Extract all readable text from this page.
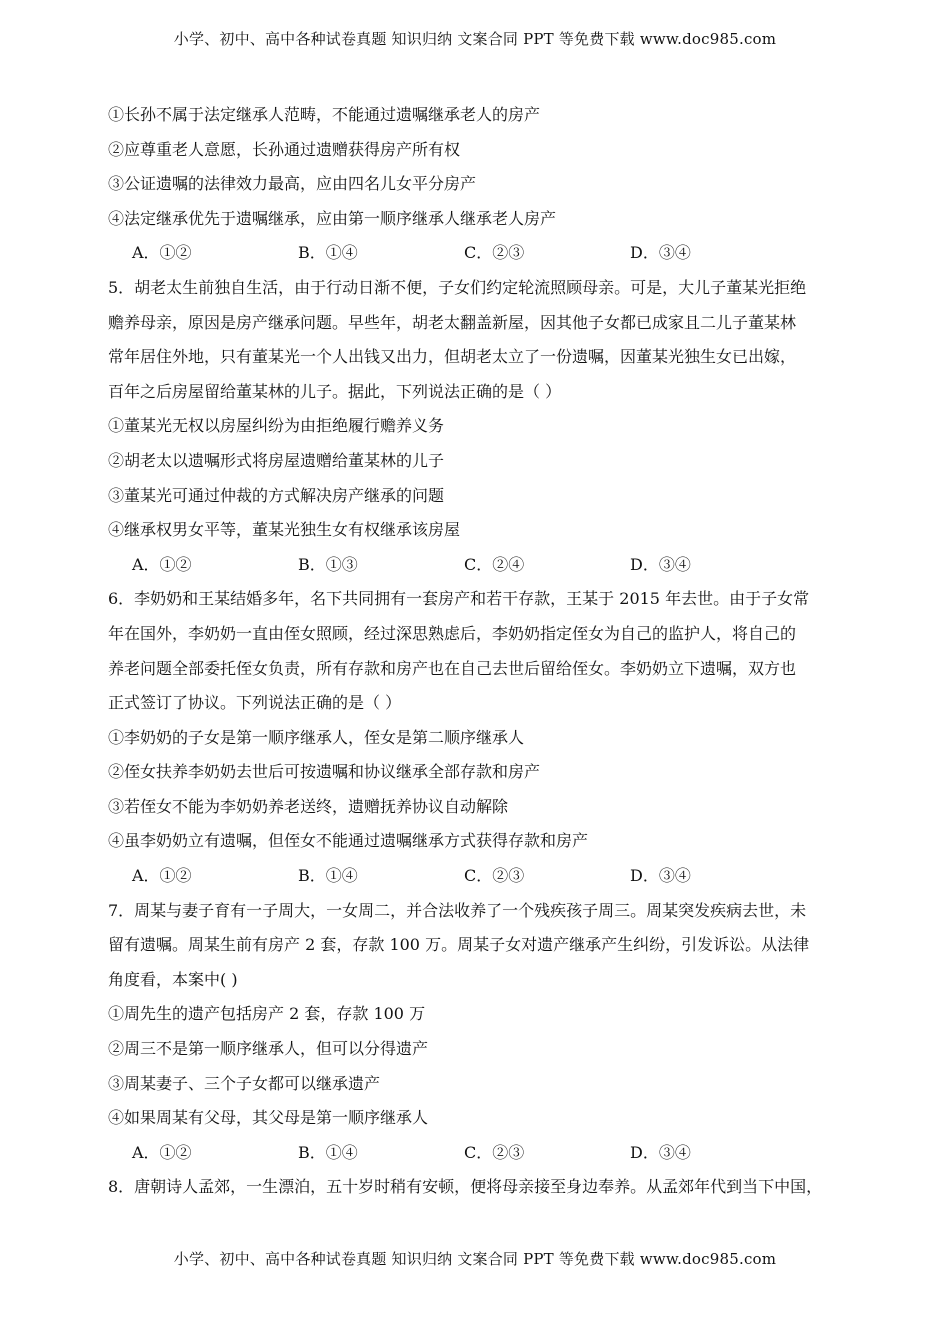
小学、初中、高中各种试卷真题 知识归纳 文案合同 PPT 等免费下载 www.doc985.com
①长孙不属于法定继承人范畴，不能通过遗嘱继承老人的房产
②应尊重老人意愿，长孙通过遗赠获得房产所有权
③公证遗嘱的法律效力最高，应由四名儿女平分房产
④法定继承优先于遗嘱继承，应由第一顺序继承人继承老人房产
A．①②	B．①④	C．②③	D．③④
5．胡老太生前独自生活，由于行动日渐不便，子女们约定轮流照顾母亲。可是，大儿子董某光拒绝
赡养母亲，原因是房产继承问题。早些年，胡老太翻盖新屋，因其他子女都已成家且二儿子董某林
常年居住外地，只有董某光一个人出钱又出力，但胡老太立了一份遗嘱，因董某光独生女已出嫁，
百年之后房屋留给董某林的儿子。据此，下列说法正确的是（ ）
①董某光无权以房屋纠纷为由拒绝履行赡养义务
②胡老太以遗嘱形式将房屋遗赠给董某林的儿子
③董某光可通过仲裁的方式解决房产继承的问题
④继承权男女平等，董某光独生女有权继承该房屋
A．①②	B．①③	C．②④	D．③④
6．李奶奶和王某结婚多年，名下共同拥有一套房产和若干存款，王某于 2015 年去世。由于子女常
年在国外，李奶奶一直由侄女照顾，经过深思熟虑后，李奶奶指定侄女为自己的监护人，将自己的
养老问题全部委托侄女负责，所有存款和房产也在自己去世后留给侄女。李奶奶立下遗嘱，双方也
正式签订了协议。下列说法正确的是（ ）
①李奶奶的子女是第一顺序继承人，侄女是第二顺序继承人
②侄女扶养李奶奶去世后可按遗嘱和协议继承全部存款和房产
③若侄女不能为李奶奶养老送终，遗赠抚养协议自动解除
④虽李奶奶立有遗嘱，但侄女不能通过遗嘱继承方式获得存款和房产
A．①②	B．①④	C．②③	D．③④
7．周某与妻子育有一子周大，一女周二，并合法收养了一个残疾孩子周三。周某突发疾病去世，未
留有遗嘱。周某生前有房产 2 套，存款 100 万。周某子女对遗产继承产生纠纷，引发诉讼。从法律
角度看，本案中( )
①周先生的遗产包括房产 2 套，存款 100 万
②周三不是第一顺序继承人，但可以分得遗产
③周某妻子、三个子女都可以继承遗产
④如果周某有父母，其父母是第一顺序继承人
A．①②	B．①④	C．②③	D．③④
8．唐朝诗人孟郊，一生漂泊，五十岁时稍有安顿，便将母亲接至身边奉养。从孟郊年代到当下中国，
小学、初中、高中各种试卷真题 知识归纳 文案合同 PPT 等免费下载 www.doc985.com
